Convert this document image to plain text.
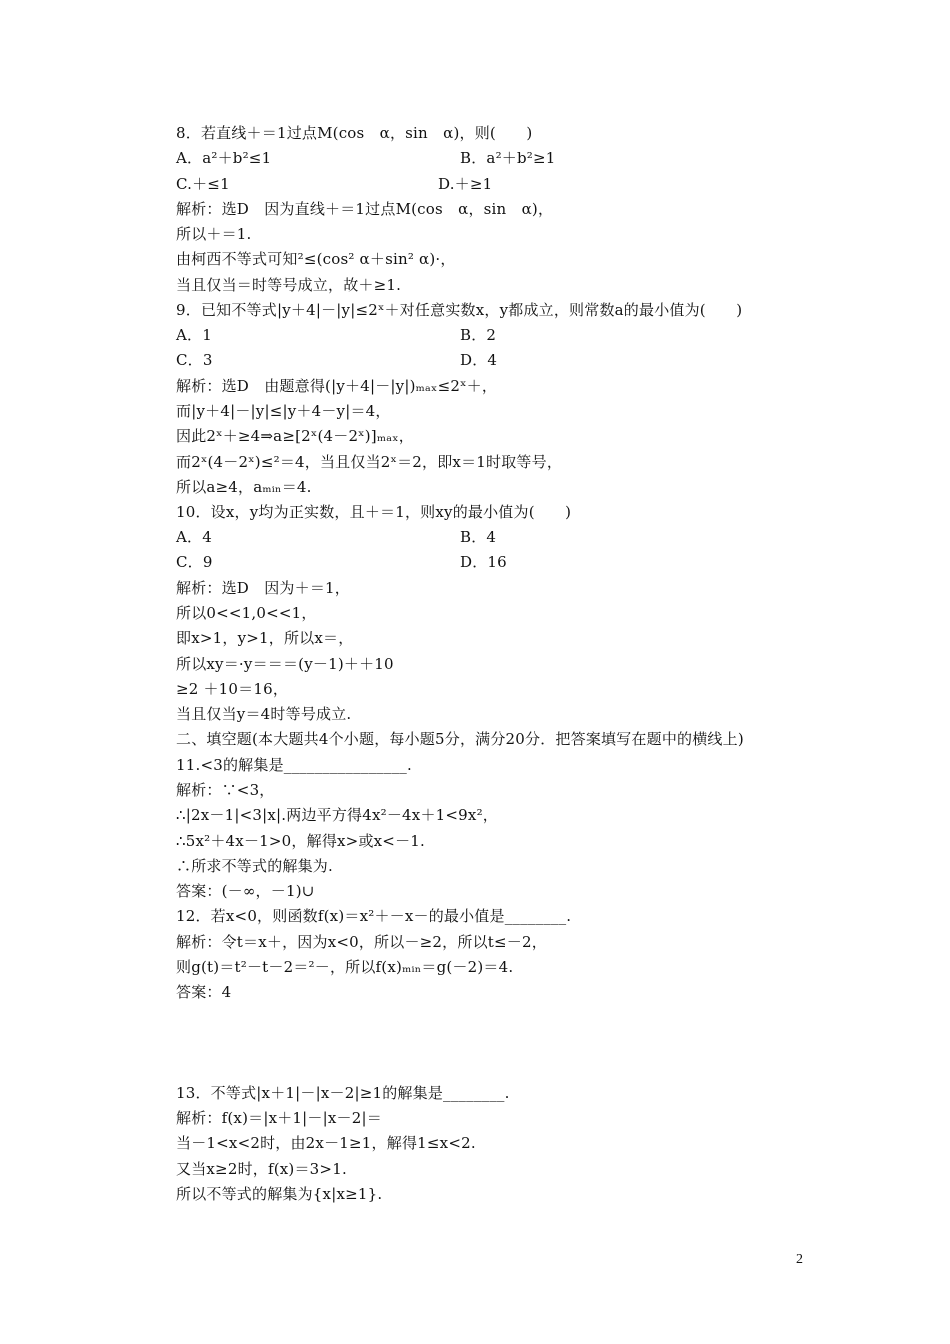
8．若直线＋＝1过点M(cos　α，sin　α)，则(　　)
A．a²＋b²≤1	B．a²＋b²≥1
C.＋≤1	D.＋≥1
解析：选D　因为直线＋＝1过点M(cos　α，sin　α)，
所以＋＝1.
由柯西不等式可知²≤(cos² α＋sin² α)·，
当且仅当＝时等号成立，故＋≥1.
9．已知不等式|y＋4|－|y|≤2ˣ＋对任意实数x，y都成立，则常数a的最小值为(　　)
A．1	B．2
C．3	D．4
解析：选D　由题意得(|y＋4|－|y|)ₘₐₓ≤2ˣ＋，
而|y＋4|－|y|≤|y＋4－y|＝4，
因此2ˣ＋≥4⇒a≥[2ˣ(4－2ˣ)]ₘₐₓ，
而2ˣ(4－2ˣ)≤²＝4，当且仅当2ˣ＝2，即x＝1时取等号，
所以a≥4，aₘᵢₙ＝4.
10．设x，y均为正实数，且＋＝1，则xy的最小值为(　　)
A．4	B．4
C．9	D．16
解析：选D　因为＋＝1，
所以0<<1,0<<1，
即x>1，y>1，所以x＝，
所以xy＝·y＝＝＝(y－1)＋＋10
≥2 ＋10＝16，
当且仅当y＝4时等号成立.
二、填空题(本大题共4个小题，每小题5分，满分20分．把答案填写在题中的横线上)
11.<3的解集是________________.
解析：∵<3，
∴|2x－1|<3|x|.两边平方得4x²－4x＋1<9x²，
∴5x²＋4x－1>0，解得x>或x<－1.
∴所求不等式的解集为.
答案：(－∞，－1)∪
12．若x<0，则函数f(x)＝x²＋－x－的最小值是________.
解析：令t＝x＋，因为x<0，所以－≥2，所以t≤－2，
则g(t)＝t²－t－2＝²－，所以f(x)ₘᵢₙ＝g(－2)＝4.
答案：4
13．不等式|x＋1|－|x－2|≥1的解集是________.
解析：f(x)＝|x＋1|－|x－2|＝
当－1<x<2时，由2x－1≥1，解得1≤x<2.
又当x≥2时，f(x)＝3>1.
所以不等式的解集为{x|x≥1}.
2
